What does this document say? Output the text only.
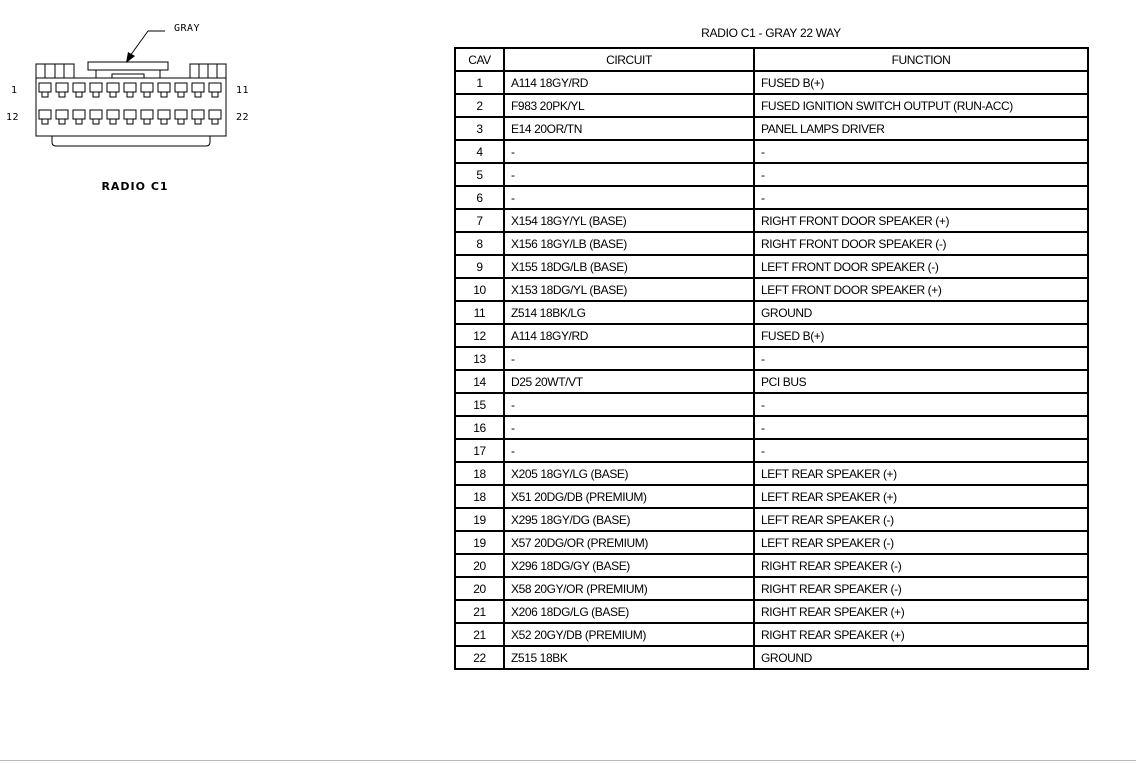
GRAY
1	11
12	22
RADIO C1
RADIO C1 - GRAY 22 WAY
CAV	CIRCUIT	FUNCTION
1	A114 18GY/RD	FUSED B(+)
2	F983 20PK/YL	FUSED IGNITION SWITCH OUTPUT (RUN-ACC)
3	E14 20OR/TN	PANEL LAMPS DRIVER
4	-	-
5	-	-
6	-	-
7	X154 18GY/YL (BASE)	RIGHT FRONT DOOR SPEAKER (+)
8	X156 18GY/LB (BASE)	RIGHT FRONT DOOR SPEAKER (-)
9	X155 18DG/LB (BASE)	LEFT FRONT DOOR SPEAKER (-)
10	X153 18DG/YL (BASE)	LEFT FRONT DOOR SPEAKER (+)
11	Z514 18BK/LG	GROUND
12	A114 18GY/RD	FUSED B(+)
13	-	-
14	D25 20WT/VT	PCI BUS
15	-	-
16	-	-
17	-	-
18	X205 18GY/LG (BASE)	LEFT REAR SPEAKER (+)
18	X51 20DG/DB (PREMIUM)	LEFT REAR SPEAKER (+)
19	X295 18GY/DG (BASE)	LEFT REAR SPEAKER (-)
19	X57 20DG/OR (PREMIUM)	LEFT REAR SPEAKER (-)
20	X296 18DG/GY (BASE)	RIGHT REAR SPEAKER (-)
20	X58 20GY/OR (PREMIUM)	RIGHT REAR SPEAKER (-)
21	X206 18DG/LG (BASE)	RIGHT REAR SPEAKER (+)
21	X52 20GY/DB (PREMIUM)	RIGHT REAR SPEAKER (+)
22	Z515 18BK	GROUND
